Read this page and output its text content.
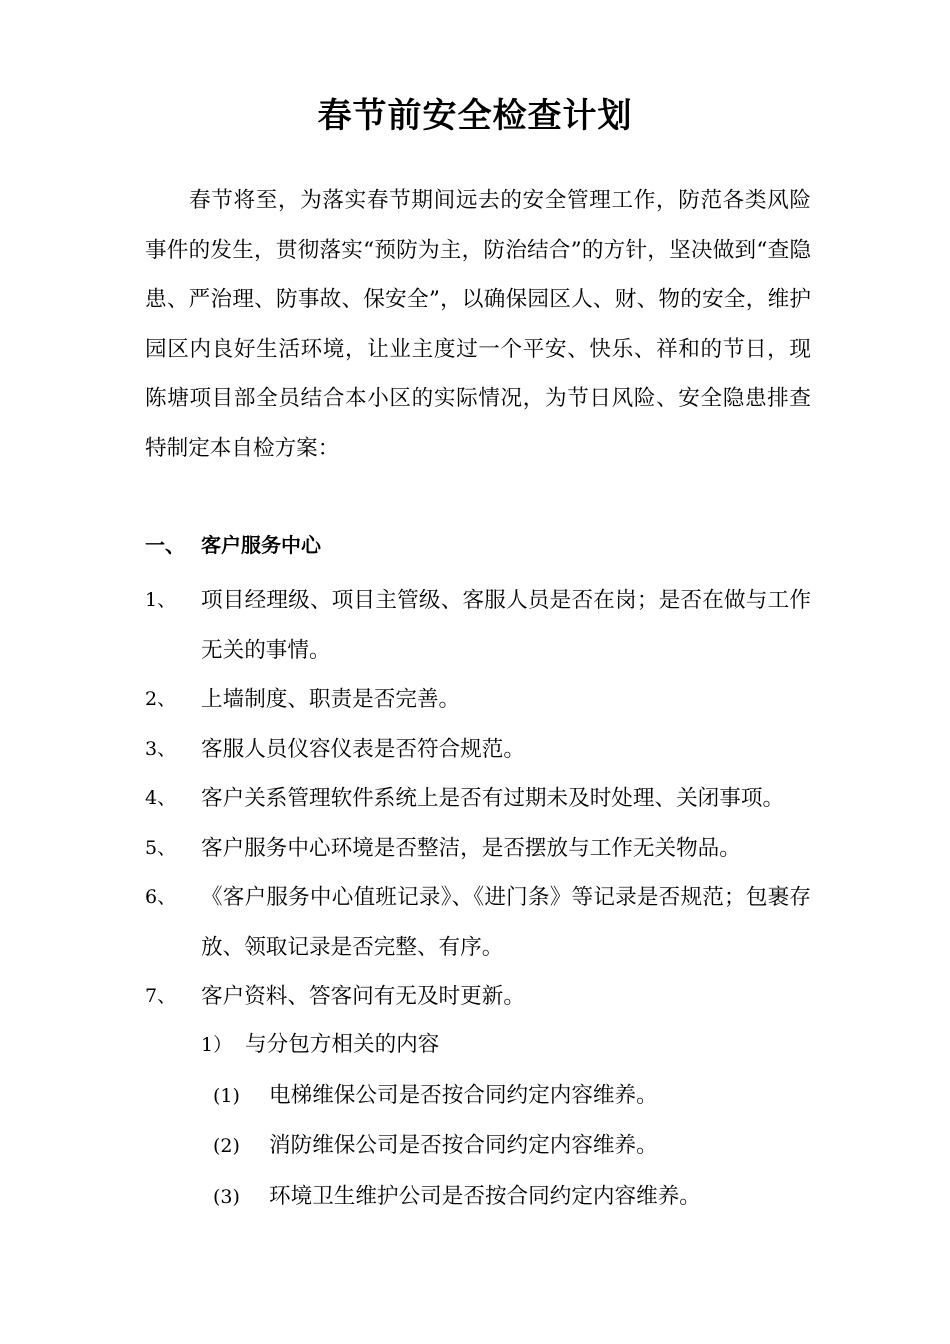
春节前安全检查计划

春节将至，为落实春节期间远去的安全管理工作，防范各类风险事件的发生，贯彻落实“预防为主，防治结合”的方针，坚决做到“查隐患、严治理、防事故、保安全”，以确保园区人、财、物的安全，维护园区内良好生活环境，让业主度过一个平安、快乐、祥和的节日，现陈塘项目部全员结合本小区的实际情况，为节日风险、安全隐患排查特制定本自检方案：

一、 客户服务中心
1、	项目经理级、项目主管级、客服人员是否在岗；是否在做与工作无关的事情。
2、	上墙制度、职责是否完善。
3、	客服人员仪容仪表是否符合规范。
4、	客户关系管理软件系统上是否有过期未及时处理、关闭事项。
5、	客户服务中心环境是否整洁，是否摆放与工作无关物品。
6、	《客户服务中心值班记录》、《进门条》等记录是否规范；包裹存放、领取记录是否完整、有序。
7、	客户资料、答客问有无及时更新。
1） 与分包方相关的内容
(1) 电梯维保公司是否按合同约定内容维养。
(2) 消防维保公司是否按合同约定内容维养。
(3) 环境卫生维护公司是否按合同约定内容维养。
